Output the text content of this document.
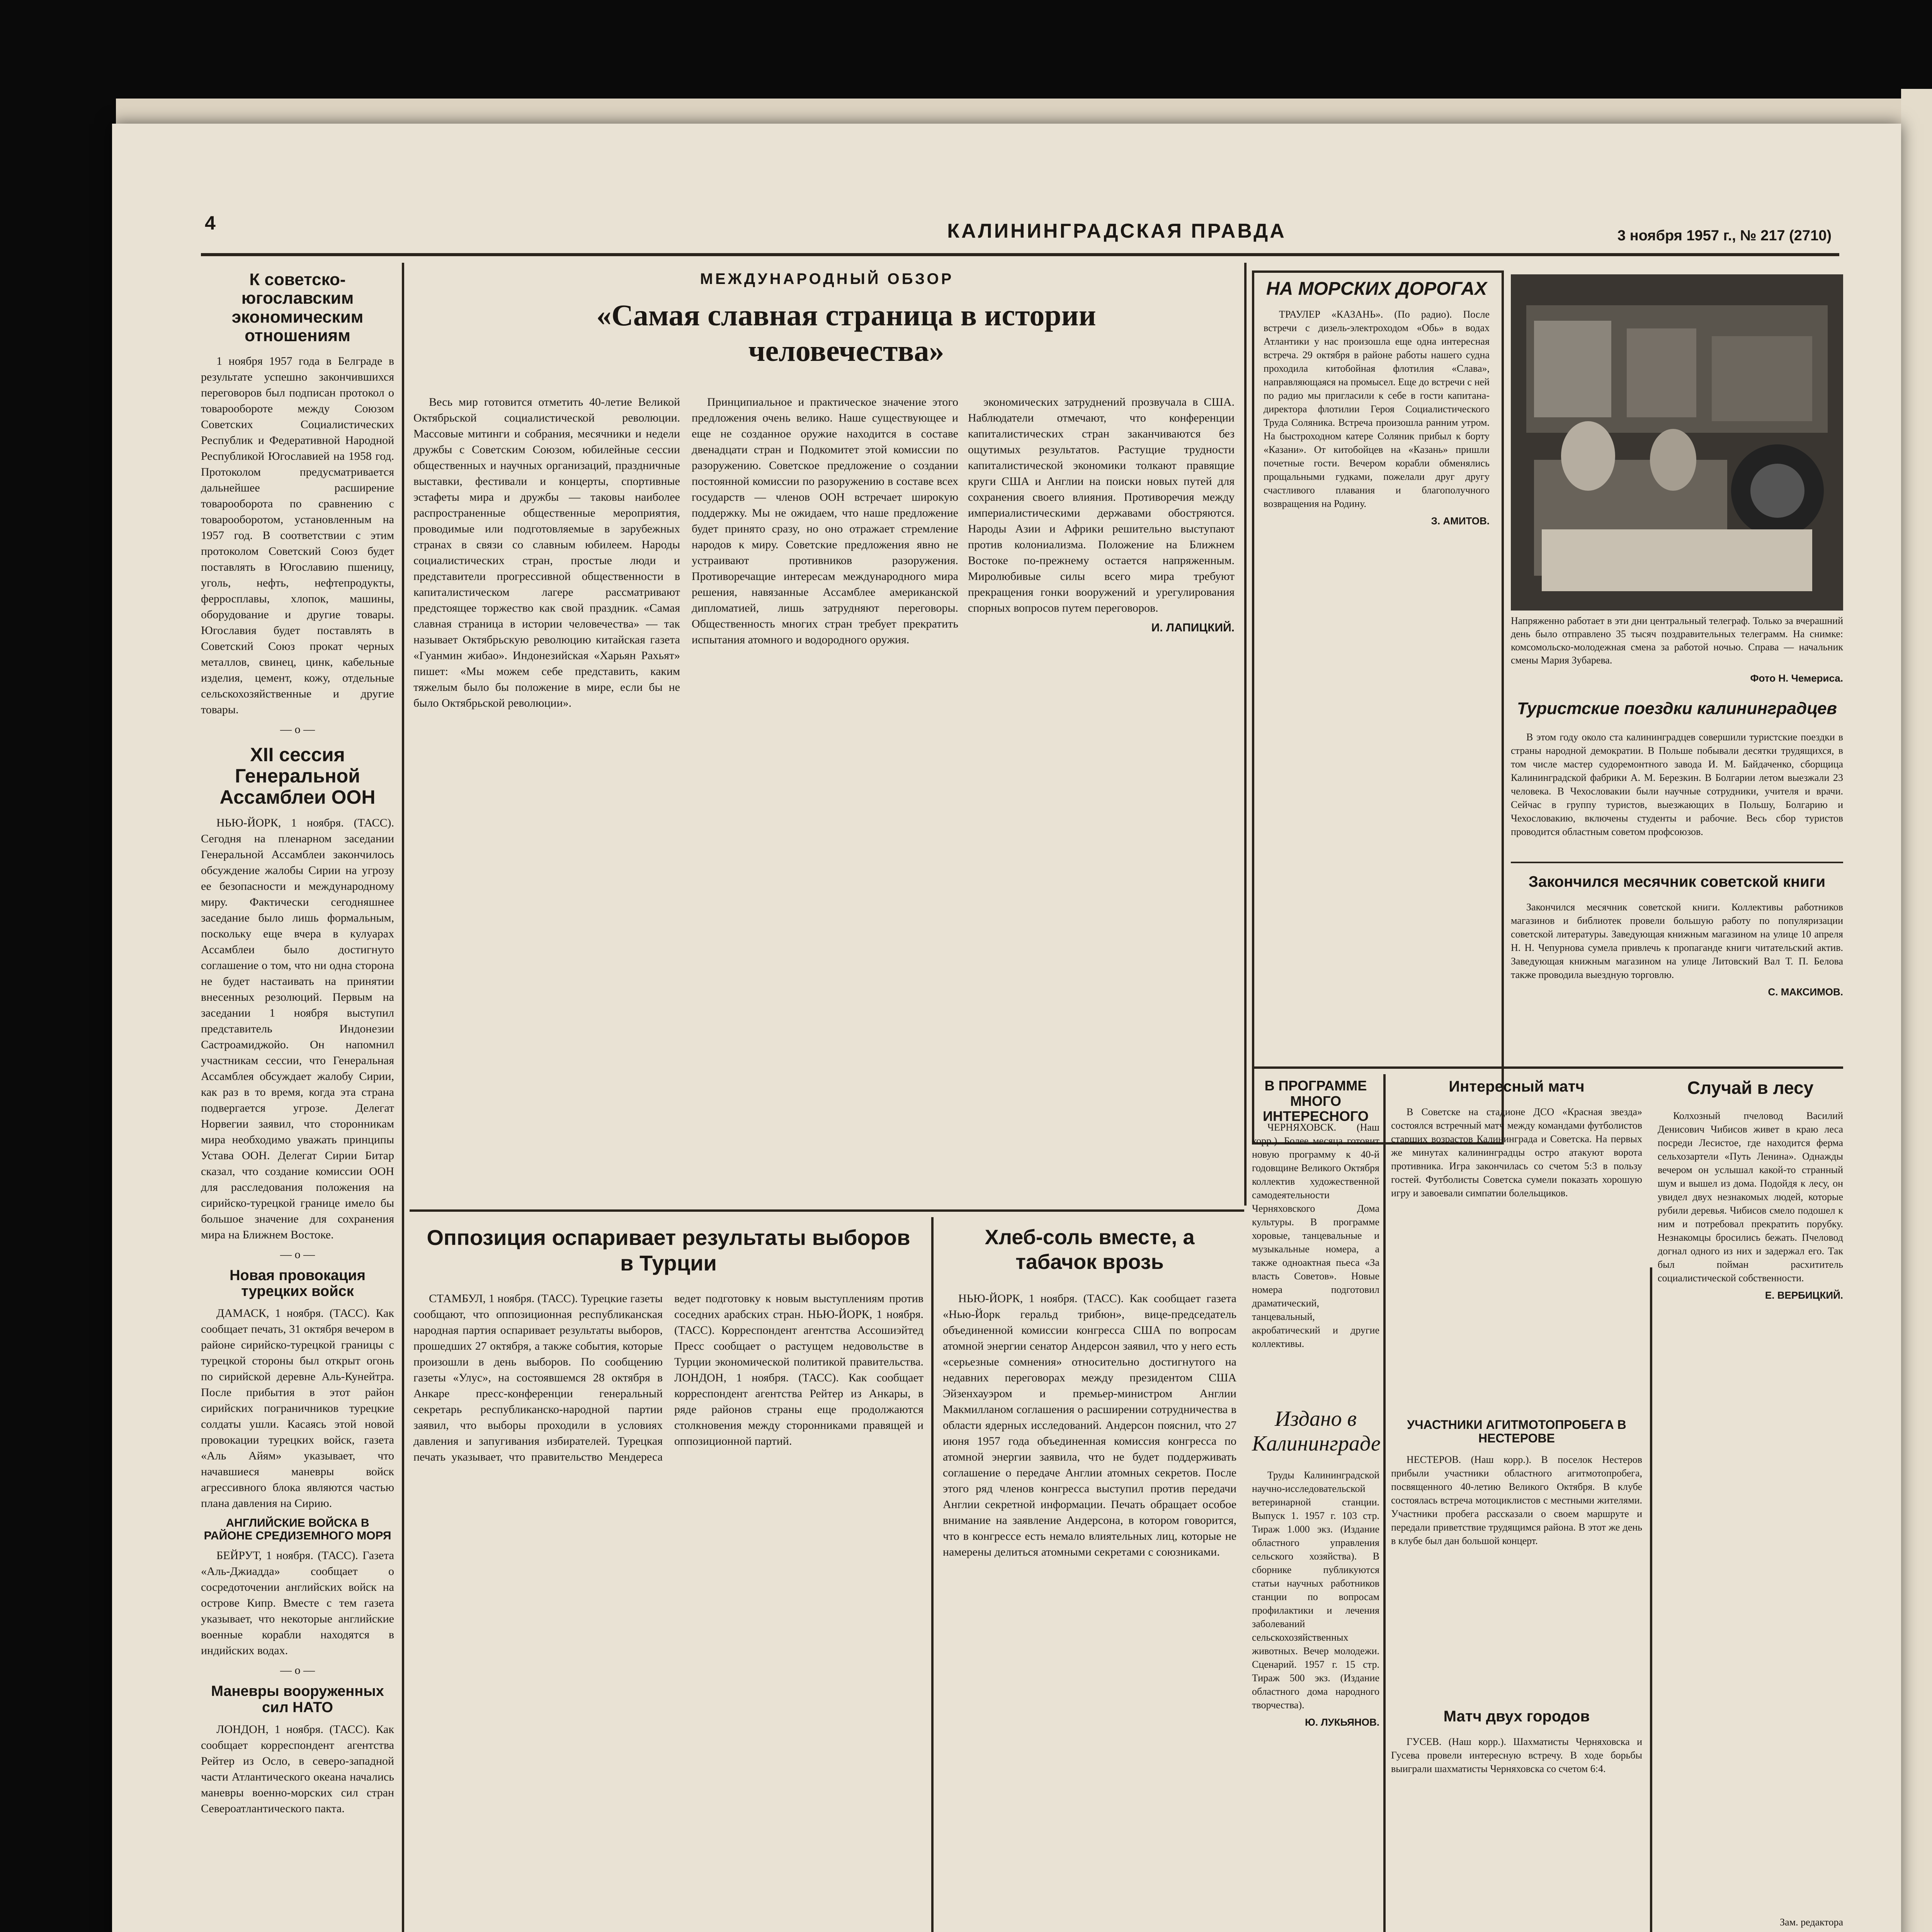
4	КАЛИНИНГРАДСКАЯ ПРАВДА	3 ноября 1957 г., № 217 (2710)
К советско-югославским экономическим отношениям

1 ноября 1957 года в Белграде в результате успешно закончившихся переговоров был подписан протокол о товарообороте между Союзом Советских Социалистических Республик и Федеративной Народной Республикой Югославией на 1958 год. Протоколом предусматривается дальнейшее расширение товарооборота по сравнению с товарооборотом, установленным на 1957 год. В соответствии с этим протоколом Советский Союз будет поставлять в Югославию пшеницу, уголь, нефть, нефтепродукты, ферросплавы, хлопок, машины, оборудование и другие товары. Югославия будет поставлять в Советский Союз прокат черных металлов, свинец, цинк, кабельные изделия, цемент, кожу, отдельные сельскохозяйственные и другие товары.

— о —
XII сессия Генеральной Ассамблеи ООН

НЬЮ-ЙОРК, 1 ноября. (ТАСС). Сегодня на пленарном заседании Генеральной Ассамблеи закончилось обсуждение жалобы Сирии на угрозу ее безопасности и международному миру. Фактически сегодняшнее заседание было лишь формальным, поскольку еще вчера в кулуарах Ассамблеи было достигнуто соглашение о том, что ни одна сторона не будет настаивать на принятии внесенных резолюций. Первым на заседании 1 ноября выступил представитель Индонезии Састроамиджойо. Он напомнил участникам сессии, что Генеральная Ассамблея обсуждает жалобу Сирии, как раз в то время, когда эта страна подвергается угрозе. Делегат Норвегии заявил, что сторонникам мира необходимо уважать принципы Устава ООН. Делегат Сирии Битар сказал, что создание комиссии ООН для расследования положения на сирийско-турецкой границе имело бы большое значение для сохранения мира на Ближнем Востоке.

— о —
Новая провокация турецких войск

ДАМАСК, 1 ноября. (ТАСС). Как сообщает печать, 31 октября вечером в районе сирийско-турецкой границы с турецкой стороны был открыт огонь по сирийской деревне Аль-Кунейтра. После прибытия в этот район сирийских пограничников турецкие солдаты ушли. Касаясь этой новой провокации турецких войск, газета «Аль Айям» указывает, что начавшиеся маневры войск агрессивного блока являются частью плана давления на Сирию.

АНГЛИЙСКИЕ ВОЙСКА В РАЙОНЕ СРЕДИЗЕМНОГО МОРЯ

БЕЙРУТ, 1 ноября. (ТАСС). Газета «Аль-Джиадда» сообщает о сосредоточении английских войск на острове Кипр. Вместе с тем газета указывает, что некоторые английские военные корабли находятся в индийских водах.

— о —
Маневры вооруженных сил НАТО

ЛОНДОН, 1 ноября. (ТАСС). Как сообщает корреспондент агентства Рейтер из Осло, в северо-западной части Атлантического океана начались маневры военно-морских сил стран Североатлантического пакта.

МЕЖДУНАРОДНЫЙ ОБЗОР
«Самая славная страница в истории человечества»

Весь мир готовится отметить 40-летие Великой Октябрьской социалистической революции. Массовые митинги и собрания, месячники и недели дружбы с Советским Союзом, юбилейные сессии общественных и научных организаций, праздничные выставки, фестивали и концерты, спортивные эстафеты мира и дружбы — таковы наиболее распространенные общественные мероприятия, проводимые или подготовляемые в зарубежных странах в связи со славным юбилеем. Народы социалистических стран, простые люди и представители прогрессивной общественности в капиталистическом лагере рассматривают предстоящее торжество как свой праздник. «Самая славная страница в истории человечества» — так называет Октябрьскую революцию китайская газета «Гуанмин жибао». Индонезийская «Харьян Рахьят» пишет: «Мы можем себе представить, каким тяжелым было бы положение в мире, если бы не было Октябрьской революции».

Принципиальное и практическое значение этого предложения очень велико. Наше существующее и еще не созданное оружие находится в составе двенадцати стран и Подкомитет этой комиссии по разоружению. Советское предложение о создании постоянной комиссии по разоружению в составе всех государств — членов ООН встречает широкую поддержку. Мы не ожидаем, что наше предложение будет принято сразу, но оно отражает стремление народов к миру. Советские предложения явно не устраивают противников разоружения. Противоречащие интересам международного мира решения, навязанные Ассамблее американской дипломатией, лишь затрудняют переговоры. Общественность многих стран требует прекратить испытания атомного и водородного оружия.

экономических затруднений прозвучала в США. Наблюдатели отмечают, что конференции капиталистических стран заканчиваются без ощутимых результатов. Растущие трудности капиталистической экономики толкают правящие круги США и Англии на поиски новых путей для сохранения своего влияния. Противоречия между империалистическими державами обостряются. Народы Азии и Африки решительно выступают против колониализма. Положение на Ближнем Востоке по-прежнему остается напряженным. Миролюбивые силы всего мира требуют прекращения гонки вооружений и урегулирования спорных вопросов путем переговоров.

И. ЛАПИЦКИЙ.
НА МОРСКИХ ДОРОГАХ

ТРАУЛЕР «КАЗАНЬ». (По радио). После встречи с дизель-электроходом «Обь» в водах Атлантики у нас произошла еще одна интересная встреча. 29 октября в районе работы нашего судна проходила китобойная флотилия «Слава», направляющаяся на промысел. Еще до встречи с ней по радио мы пригласили к себе в гости капитана-директора флотилии Героя Социалистического Труда Соляника. Встреча произошла ранним утром. На быстроходном катере Соляник прибыл к борту «Казани». От китобойцев на «Казань» пришли почетные гости. Вечером корабли обменялись прощальными гудками, пожелали друг другу счастливого плавания и благополучного возвращения на Родину.

З. АМИТОВ.
Напряженно работает в эти дни центральный телеграф. Только за вчерашний день было отправлено 35 тысяч поздравительных телеграмм. На снимке: комсомольско-молодежная смена за работой ночью. Справа — начальник смены Мария Зубарева.
Фото Н. Чемериса.
Туристские поездки калининградцев

В этом году около ста калининградцев совершили туристские поездки в страны народной демократии. В Польше побывали десятки трудящихся, в том числе мастер судоремонтного завода И. М. Байдаченко, сборщица Калининградской фабрики А. М. Березкин. В Болгарии летом выезжали 23 человека. В Чехословакии были научные сотрудники, учителя и врачи. Сейчас в группу туристов, выезжающих в Польшу, Болгарию и Чехословакию, включены студенты и рабочие. Весь сбор туристов проводится областным советом профсоюзов.

Закончился месячник советской книги

Закончился месячник советской книги. Коллективы работников магазинов и библиотек провели большую работу по популяризации советской литературы. Заведующая книжным магазином на улице 10 апреля Н. Н. Чепурнова сумела привлечь к пропаганде книги читательский актив. Заведующая книжным магазином на улице Литовский Вал Т. П. Белова также проводила выездную торговлю.

С. МАКСИМОВ.
В ПРОГРАММЕ МНОГО ИНТЕРЕСНОГО

ЧЕРНЯХОВСК. (Наш корр.). Более месяца готовит новую программу к 40-й годовщине Великого Октября коллектив художественной самодеятельности Черняховского Дома культуры. В программе хоровые, танцевальные и музыкальные номера, а также одноактная пьеса «За власть Советов». Новые номера подготовил драматический, танцевальный, акробатический и другие коллективы.

Издано в Калининграде

Труды Калининградской научно-исследовательской ветеринарной станции. Выпуск 1. 1957 г. 103 стр. Тираж 1.000 экз. (Издание областного управления сельского хозяйства). В сборнике публикуются статьи научных работников станции по вопросам профилактики и лечения заболеваний сельскохозяйственных животных. Вечер молодежи. Сценарий. 1957 г. 15 стр. Тираж 500 экз. (Издание областного дома народного творчества).

Ю. ЛУКЬЯНОВ.
Интересный матч

В Советске на стадионе ДСО «Красная звезда» состоялся встречный матч между командами футболистов старших возрастов Калининграда и Советска. На первых же минутах калининградцы остро атакуют ворота противника. Игра закончилась со счетом 5:3 в пользу гостей. Футболисты Советска сумели показать хорошую игру и завоевали симпатии болельщиков.

УЧАСТНИКИ АГИТМОТОПРОБЕГА В НЕСТЕРОВЕ

НЕСТЕРОВ. (Наш корр.). В поселок Нестеров прибыли участники областного агитмотопробега, посвященного 40-летию Великого Октября. В клубе состоялась встреча мотоциклистов с местными жителями. Участники пробега рассказали о своем маршруте и передали приветствие трудящимся района. В этот же день в клубе был дан большой концерт.

Матч двух городов

ГУСЕВ. (Наш корр.). Шахматисты Черняховска и Гусева провели интересную встречу. В ходе борьбы выиграли шахматисты Черняховска со счетом 6:4.

Случай в лесу

Колхозный пчеловод Василий Денисович Чибисов живет в краю леса посреди Лесистое, где находится ферма сельхозартели «Путь Ленина». Однажды вечером он услышал какой-то странный шум и вышел из дома. Подойдя к лесу, он увидел двух незнакомых людей, которые рубили деревья. Чибисов смело подошел к ним и потребовал прекратить порубку. Незнакомцы бросились бежать. Пчеловод догнал одного из них и задержал его. Так был пойман расхититель социалистической собственности.

Е. ВЕРБИЦКИЙ.
Зам. редактора
Оппозиция оспаривает результаты выборов в Турции

СТАМБУЛ, 1 ноября. (ТАСС). Турецкие газеты сообщают, что оппозиционная республиканская народная партия оспаривает результаты выборов, прошедших 27 октября, а также события, которые произошли в день выборов. По сообщению газеты «Улус», на состоявшемся 28 октября в Анкаре пресс-конференции генеральный секретарь республиканско-народной партии заявил, что выборы проходили в условиях давления и запугивания избирателей. Турецкая печать указывает, что правительство Мендереса ведет подготовку к новым выступлениям против соседних арабских стран. НЬЮ-ЙОРК, 1 ноября. (ТАСС). Корреспондент агентства Ассошиэйтед Пресс сообщает о растущем недовольстве в Турции экономической политикой правительства. ЛОНДОН, 1 ноября. (ТАСС). Как сообщает корреспондент агентства Рейтер из Анкары, в ряде районов страны еще продолжаются столкновения между сторонниками правящей и оппозиционной партий.

Хлеб-соль вместе, а табачок врозь

НЬЮ-ЙОРК, 1 ноября. (ТАСС). Как сообщает газета «Нью-Йорк геральд трибюн», вице-председатель объединенной комиссии конгресса США по вопросам атомной энергии сенатор Андерсон заявил, что у него есть «серьезные сомнения» относительно достигнутого на недавних переговорах между президентом США Эйзенхауэром и премьер-министром Англии Макмилланом соглашения о расширении сотрудничества в области ядерных исследований. Андерсон пояснил, что 27 июня 1957 года объединенная комиссия конгресса по атомной энергии заявила, что не будет поддерживать соглашение о передаче Англии атомных секретов. После этого ряд членов конгресса выступил против передачи Англии секретной информации. Печать обращает особое внимание на заявление Андерсона, в котором говорится, что в конгрессе есть немало влиятельных лиц, которые не намерены делиться атомными секретами с союзниками.
